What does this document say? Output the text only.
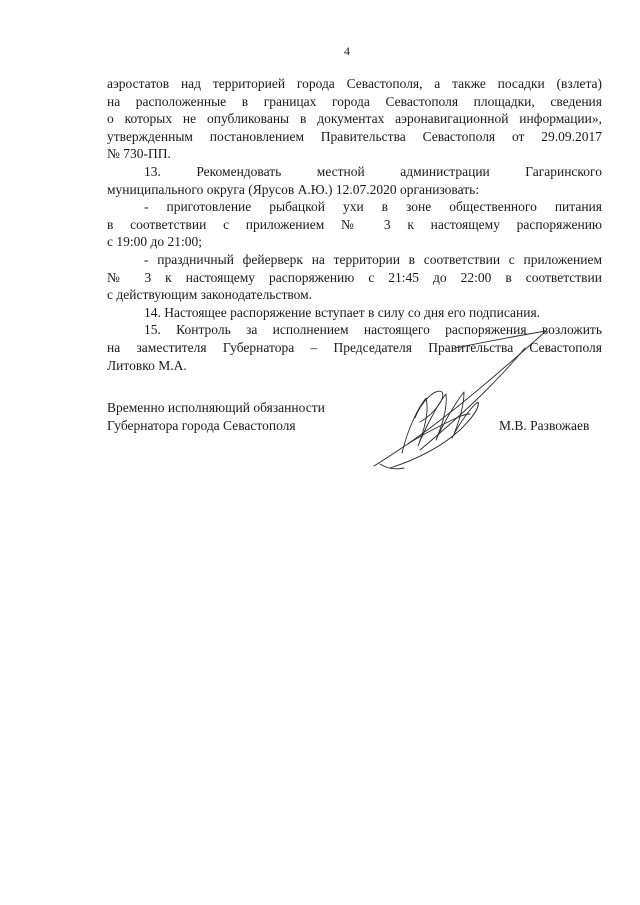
4
аэростатов над территорией города Севастополя, а также посадки (взлета)
на расположенные в границах города Севастополя площадки, сведения
о которых не опубликованы в документах аэронавигационной информации»,
утвержденным постановлением Правительства Севастополя от 29.09.2017
№ 730-ПП.
13. Рекомендовать местной администрации Гагаринского
муниципального округа (Ярусов А.Ю.) 12.07.2020 организовать:
- приготовление рыбацкой ухи в зоне общественного питания
в соответствии с приложением № 3 к настоящему распоряжению
с 19:00 до 21:00;
- праздничный фейерверк на территории в соответствии с приложением
№ 3 к настоящему распоряжению с 21:45 до 22:00 в соответствии
с действующим законодательством.
14. Настоящее распоряжение вступает в силу со дня его подписания.
15. Контроль за исполнением настоящего распоряжения возложить
на заместителя Губернатора – Председателя Правительства Севастополя
Литовко М.А.
Временно исполняющий обязанности
Губернатора города Севастополя	М.В. Развожаев
